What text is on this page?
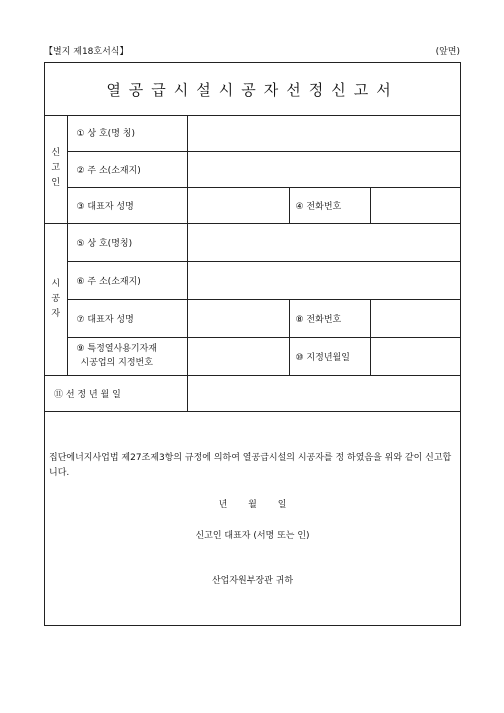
【별지 제18호서식】	(앞면)
열공급시설시공자선정신고서
신
고
인	① 상 호(명 칭)			
	② 주 소(소재지)			
	③ 대표자 성명		④ 전화번호	

시
공
자	⑤ 상 호(명칭)			
	⑥ 주 소(소재지)			
	⑦ 대표자 성명		⑧ 전화번호	

	⑨ 특정열사용기자재
시공업의 지정번호		⑩ 지정년월일	
⑪ 선 정 년 월 일				
집단에너지사업법 제27조제3항의 규정에 의하여 열공급시설의 시공자를 정 하였음을 위와 같이 신고합니다.
년 월 일
신고인 대표자 (서명 또는 인)
산업자원부장관 귀하
